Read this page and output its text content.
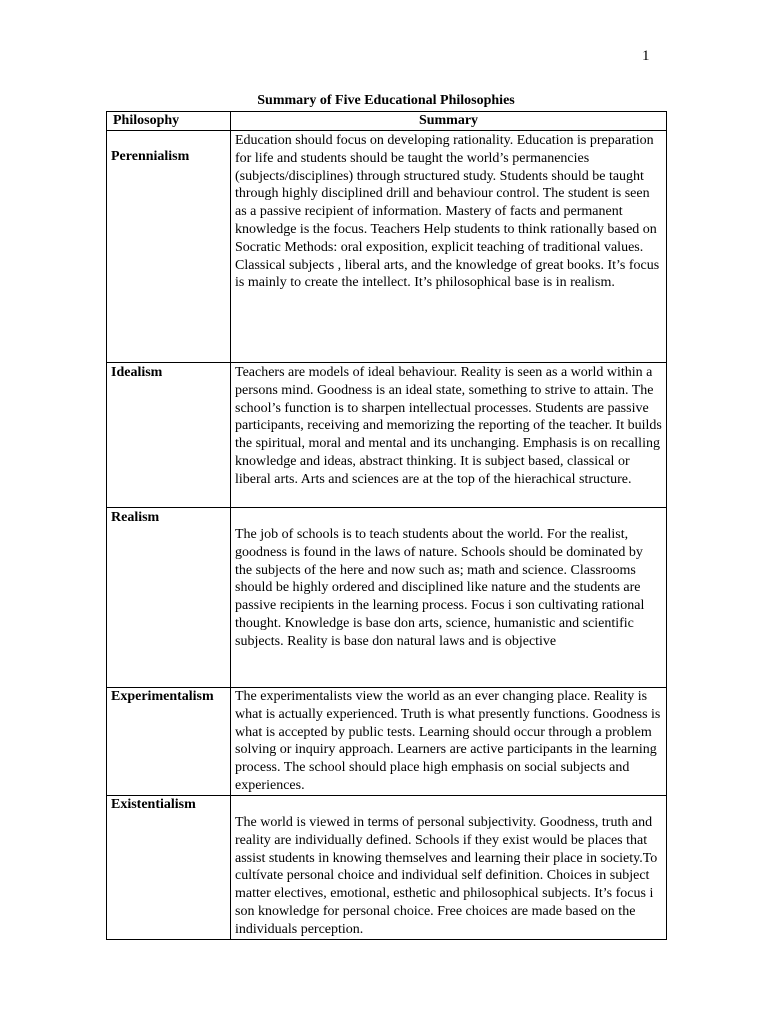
1
Summary of Five Educational Philosophies
Philosophy	Summary
Perennialism	Education should focus on developing rationality. Education is preparation for life and students should be taught the world’s permanencies (subjects/disciplines) through structured study. Students should be taught through highly disciplined drill and behaviour control. The student is seen as a passive recipient of information. Mastery of facts and permanent knowledge is the focus. Teachers Help students to think rationally based on Socratic Methods: oral exposition, explicit teaching of traditional values. Classical subjects , liberal arts, and the knowledge of great books. It’s focus is mainly to create the intellect. It’s philosophical base is in realism.
Idealism	Teachers are models of ideal behaviour. Reality is seen as a world within a persons mind. Goodness is an ideal state, something to strive to attain. The school’s function is to sharpen intellectual processes. Students are passive participants, receiving and memorizing the reporting of the teacher. It builds the spiritual, moral and mental and its unchanging. Emphasis is on recalling knowledge and ideas, abstract thinking. It is subject based, classical or liberal arts. Arts and sciences are at the top of the hierachical structure.
Realism	The job of schools is to teach students about the world. For the realist, goodness is found in the laws of nature. Schools should be dominated by the subjects of the here and now such as; math and science. Classrooms should be highly ordered and disciplined like nature and the students are passive recipients in the learning process. Focus i son cultivating rational thought. Knowledge is base don arts, science, humanistic and scientific subjects. Reality is base don natural laws and is objective
Experimentalism	The experimentalists view the world as an ever changing place. Reality is what is actually experienced. Truth is what presently functions. Goodness is what is accepted by public tests. Learning should occur through a problem solving or inquiry approach. Learners are active participants in the learning process. The school should place high emphasis on social subjects and experiences.
Existentialism	The world is viewed in terms of personal subjectivity. Goodness, truth and reality are individually defined. Schools if they exist would be places that assist students in knowing themselves and learning their place in society.To cultívate personal choice and individual self definition. Choices in subject matter electives, emotional, esthetic and philosophical subjects. It’s focus i son knowledge for personal choice. Free choices are made based on the individuals perception.
